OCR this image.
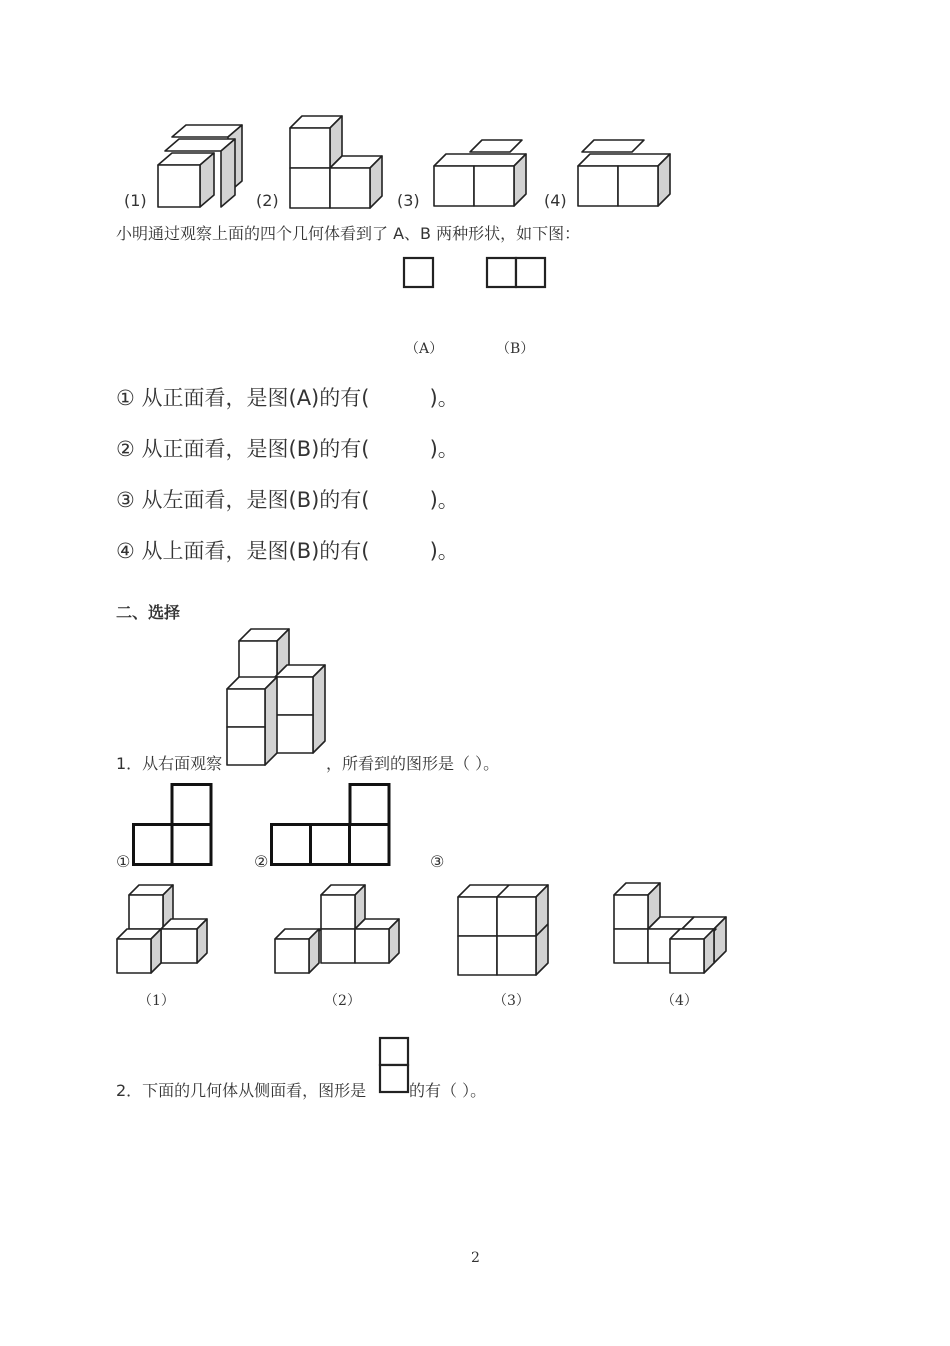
(1)	(2)	(3)	(4)
小明通过观察上面的四个几何体看到了 A、B 两种形状，如下图：
（A）	（B）
① 从正面看，是图(A)的有(         )。
② 从正面看，是图(B)的有(         )。
③ 从左面看，是图(B)的有(         )。
④ 从上面看，是图(B)的有(         )。
二、选择
1．从右面观察	，所看到的图形是（ ）。
①	②	③
（1）	（2）	（3）	（4）
2．下面的几何体从侧面看，图形是	的有（ ）。
2
